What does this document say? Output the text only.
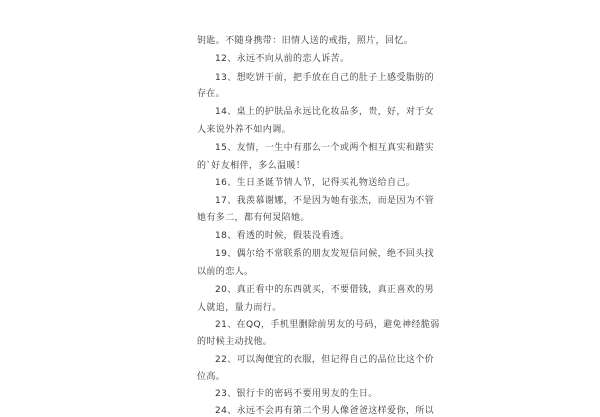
钥匙。不随身携带：旧情人送的戒指，照片，回忆。
12、永远不向从前的恋人诉苦。
13、想吃饼干前，把手放在自己的肚子上感受脂肪的
存在。
14、桌上的护肤品永远比化妆品多，贵，好，对于女
人来说外养不如内调。
15、友情，一生中有那么一个或两个相互真实和踏实
的`好友相伴，多么温暖！
16、生日圣诞节情人节，记得买礼物送给自己。
17、我羡慕谢娜，不是因为她有张杰，而是因为不管
她有多二，都有何炅陪她。
18、看透的时候，假装没看透。
19、偶尔给不常联系的朋友发短信问候，绝不回头找
以前的恋人。
20、真正看中的东西就买，不要借钱，真正喜欢的男
人就追，量力而行。
21、在QQ，手机里删除前男友的号码，避免神经脆弱
的时候主动找他。
22、可以淘便宜的衣服，但记得自己的品位比这个价
位高。
23、银行卡的密码不要用男友的生日。
24、永远不会再有第二个男人像爸爸这样爱你，所以
